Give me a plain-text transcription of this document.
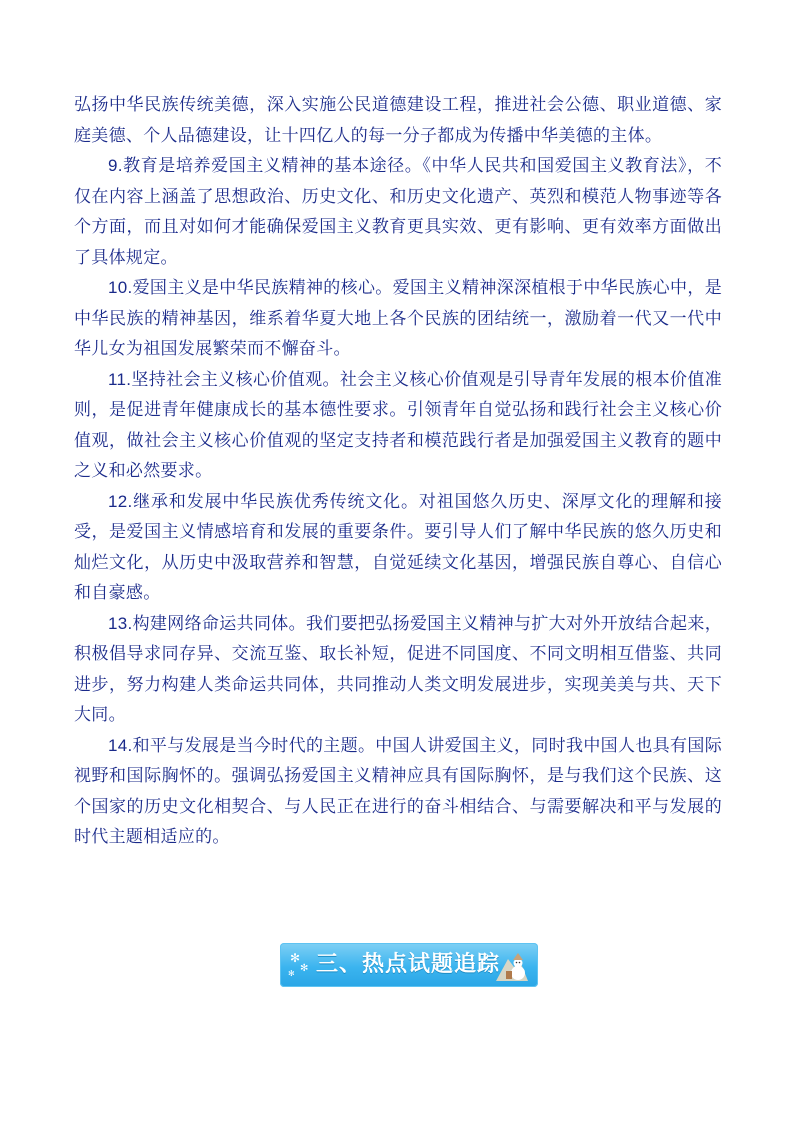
弘扬中华民族传统美德，深入实施公民道德建设工程，推进社会公德、职业道德、家庭美德、个人品德建设，让十四亿人的每一分子都成为传播中华美德的主体。

9.教育是培养爱国主义精神的基本途径。《中华人民共和国爱国主义教育法》，不仅在内容上涵盖了思想政治、历史文化、和历史文化遗产、英烈和模范人物事迹等各个方面，而且对如何才能确保爱国主义教育更具实效、更有影响、更有效率方面做出了具体规定。

10.爱国主义是中华民族精神的核心。爱国主义精神深深植根于中华民族心中，是中华民族的精神基因，维系着华夏大地上各个民族的团结统一，激励着一代又一代中华儿女为祖国发展繁荣而不懈奋斗。

11.坚持社会主义核心价值观。社会主义核心价值观是引导青年发展的根本价值准则，是促进青年健康成长的基本德性要求。引领青年自觉弘扬和践行社会主义核心价值观，做社会主义核心价值观的坚定支持者和模范践行者是加强爱国主义教育的题中之义和必然要求。

12.继承和发展中华民族优秀传统文化。对祖国悠久历史、深厚文化的理解和接受，是爱国主义情感培育和发展的重要条件。要引导人们了解中华民族的悠久历史和灿烂文化，从历史中汲取营养和智慧，自觉延续文化基因，增强民族自尊心、自信心和自豪感。

13.构建网络命运共同体。我们要把弘扬爱国主义精神与扩大对外开放结合起来，积极倡导求同存异、交流互鉴、取长补短，促进不同国度、不同文明相互借鉴、共同进步，努力构建人类命运共同体，共同推动人类文明发展进步，实现美美与共、天下大同。

14.和平与发展是当今时代的主题。中国人讲爱国主义，同时我中国人也具有国际视野和国际胸怀的。强调弘扬爱国主义精神应具有国际胸怀，是与我们这个民族、这个国家的历史文化相契合、与人民正在进行的奋斗相结合、与需要解决和平与发展的时代主题相适应的。

✻
✻
✻ 三、热点试题追踪
